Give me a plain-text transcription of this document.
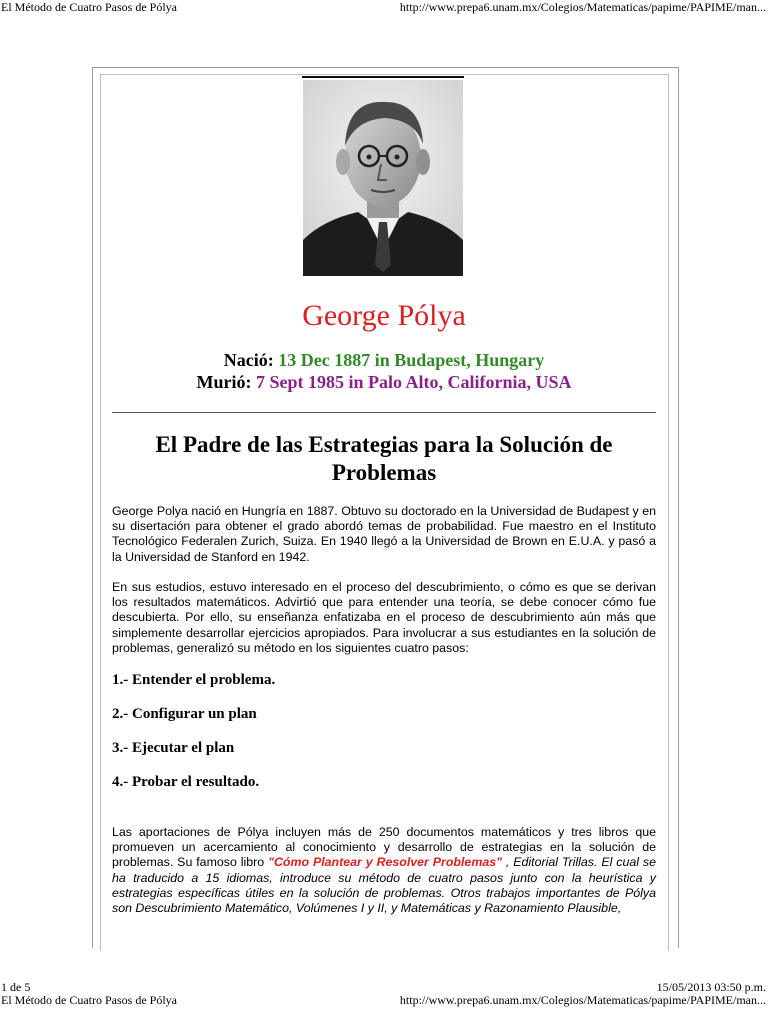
El Método de Cuatro Pasos de Pólya	http://www.prepa6.unam.mx/Colegios/Matematicas/papime/PAPIME/man...
George Pólya
Nació: 13 Dec 1887 in Budapest, Hungary
Murió: 7 Sept 1985 in Palo Alto, California, USA
El Padre de las Estrategias para la Solución de Problemas

George Polya nació en Hungría en 1887. Obtuvo su doctorado en la Universidad de Budapest y en su disertación para obtener el grado abordó temas de probabilidad. Fue maestro en el Instituto Tecnológico Federalen Zurich, Suiza. En 1940 llegó a la Universidad de Brown en E.U.A. y pasó a la Universidad de Stanford en 1942.

En sus estudios, estuvo interesado en el proceso del descubrimiento, o cómo es que se derivan los resultados matemáticos. Advirtió que para entender una teoría, se debe conocer cómo fue descubierta. Por ello, su enseñanza enfatizaba en el proceso de descubrimiento aún más que simplemente desarrollar ejercicios apropiados. Para involucrar a sus estudiantes en la solución de problemas, generalizó su método en los siguientes cuatro pasos:

1.- Entender el problema.
2.- Configurar un plan
3.- Ejecutar el plan
4.- Probar el resultado.

Las aportaciones de Pólya incluyen más de 250 documentos matemáticos y tres libros que promueven un acercamiento al conocimiento y desarrollo de estrategias en la solución de problemas. Su famoso libro "Cómo Plantear y Resolver Problemas" , Editorial Trillas. El cual se ha traducido a 15 idiomas, introduce su método de cuatro pasos junto con la heurística y estrategias específicas útiles en la solución de problemas. Otros trabajos importantes de Pólya son Descubrimiento Matemático, Volúmenes I y II, y Matemáticas y Razonamiento Plausible,

1 de 5	15/05/2013 03:50 p.m.
El Método de Cuatro Pasos de Pólya	http://www.prepa6.unam.mx/Colegios/Matematicas/papime/PAPIME/man...
